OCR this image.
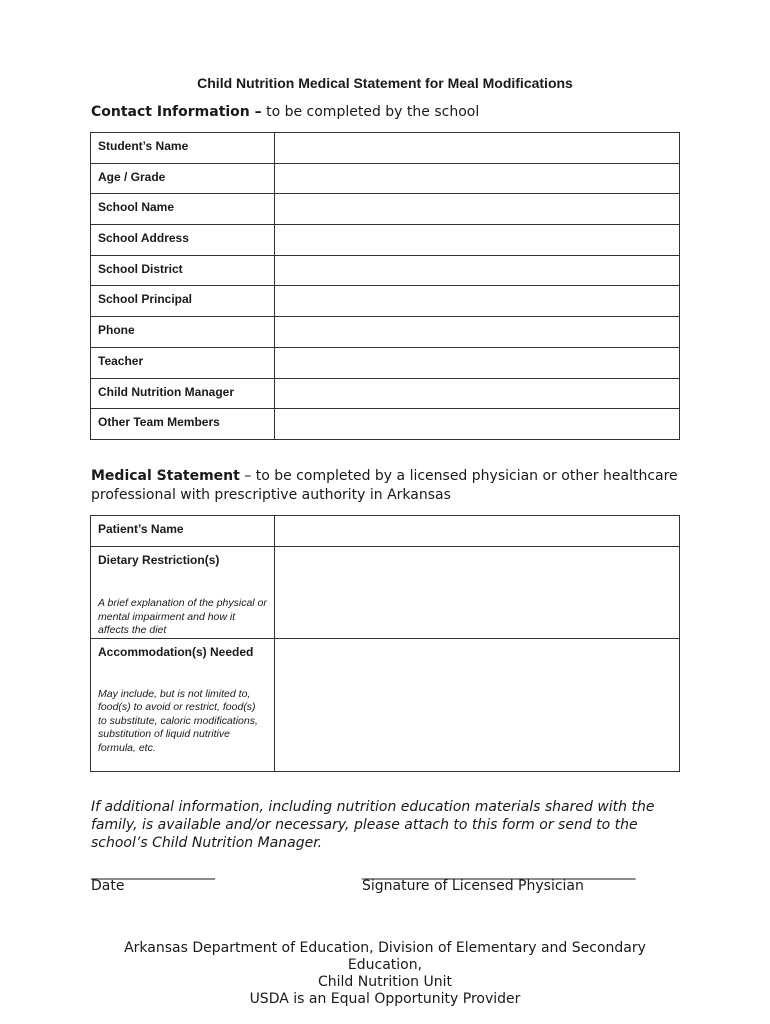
Child Nutrition Medical Statement for Meal Modifications
Contact Information – to be completed by the school
Student’s Name	
Age / Grade	
School Name	
School Address	
School District	
School Principal	
Phone	
Teacher	
Child Nutrition Manager	
Other Team Members	
Medical Statement – to be completed by a licensed physician or other healthcare professional with prescriptive authority in Arkansas
Patient’s Name	
Dietary Restriction(s)
A brief explanation of the physical or mental impairment and how it affects the diet	

Accommodation(s) Needed
May include, but is not limited to, food(s) to avoid or restrict, food(s) to substitute, caloric modifications, substitution of liquid nutritive formula, etc.	

If additional information, including nutrition education materials shared with the family, is available and/or necessary, please attach to this form or send to the school’s Child Nutrition Manager.
___________________
Date
__________________________________________
Signature of Licensed Physician
Arkansas Department of Education, Division of Elementary and Secondary
Education,
Child Nutrition Unit
USDA is an Equal Opportunity Provider
